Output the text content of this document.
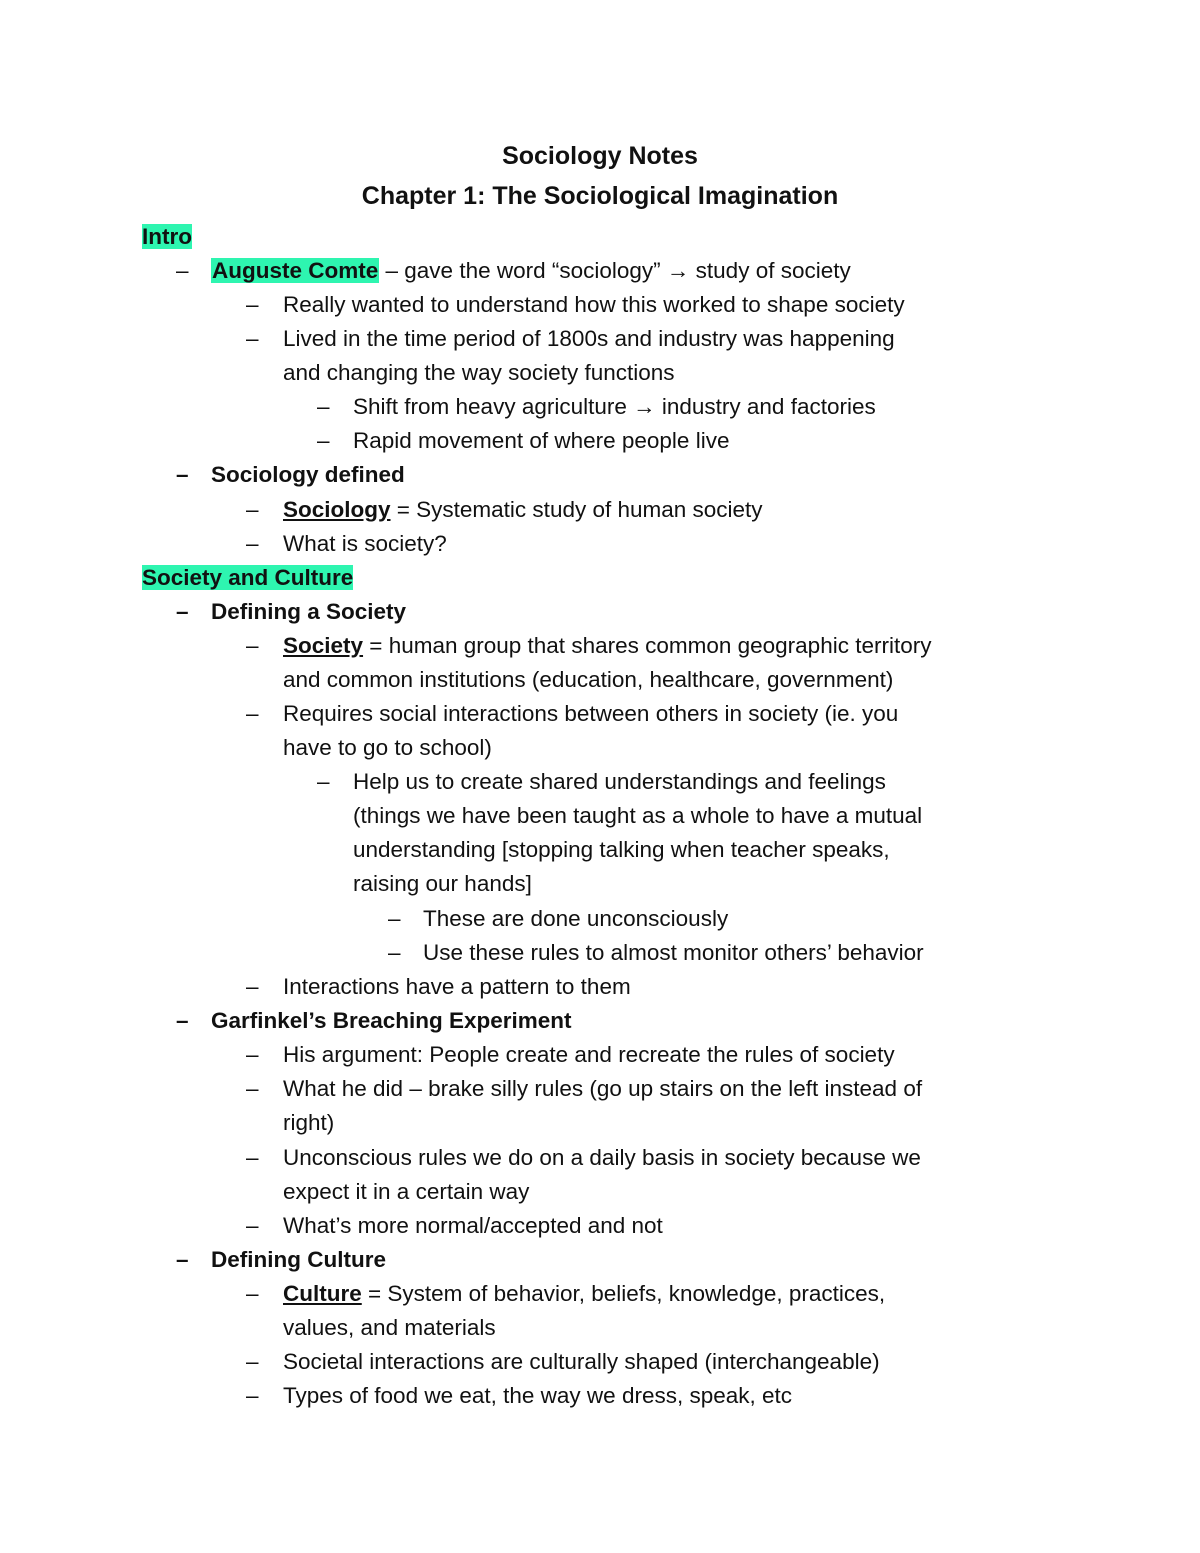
Sociology Notes
Chapter 1: The Sociological Imagination
Intro
– Auguste Comte – gave the word “sociology” → study of society
– Really wanted to understand how this worked to shape society
– Lived in the time period of 1800s and industry was happening
and changing the way society functions
– Shift from heavy agriculture → industry and factories
– Rapid movement of where people live
– Sociology defined
– Sociology = Systematic study of human society
– What is society?
Society and Culture
– Defining a Society
– Society = human group that shares common geographic territory
and common institutions (education, healthcare, government)
– Requires social interactions between others in society (ie. you
have to go to school)
– Help us to create shared understandings and feelings
(things we have been taught as a whole to have a mutual
understanding [stopping talking when teacher speaks,
raising our hands]
– These are done unconsciously
– Use these rules to almost monitor others’ behavior
– Interactions have a pattern to them
– Garfinkel’s Breaching Experiment
– His argument: People create and recreate the rules of society
– What he did – brake silly rules (go up stairs on the left instead of
right)
– Unconscious rules we do on a daily basis in society because we
expect it in a certain way
– What’s more normal/accepted and not
– Defining Culture
– Culture = System of behavior, beliefs, knowledge, practices,
values, and materials
– Societal interactions are culturally shaped (interchangeable)
– Types of food we eat, the way we dress, speak, etc
